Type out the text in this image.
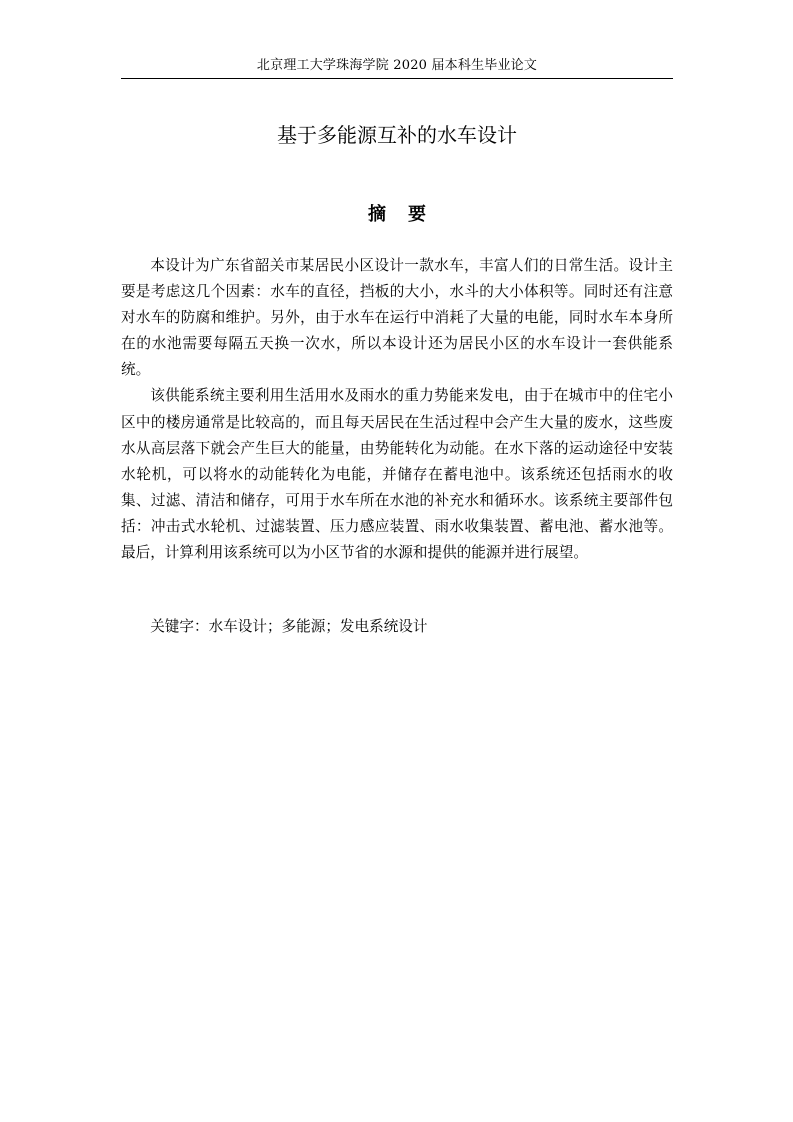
北京理工大学珠海学院 2020 届本科生毕业论文
基于多能源互补的水车设计
摘 要

本设计为广东省韶关市某居民小区设计一款水车，丰富人们的日常生活。设计主要是考虑这几个因素：水车的直径，挡板的大小，水斗的大小体积等。同时还有注意对水车的防腐和维护。另外，由于水车在运行中消耗了大量的电能，同时水车本身所在的水池需要每隔五天换一次水，所以本设计还为居民小区的水车设计一套供能系统。

该供能系统主要利用生活用水及雨水的重力势能来发电，由于在城市中的住宅小区中的楼房通常是比较高的，而且每天居民在生活过程中会产生大量的废水，这些废水从高层落下就会产生巨大的能量，由势能转化为动能。在水下落的运动途径中安装水轮机，可以将水的动能转化为电能，并储存在蓄电池中。该系统还包括雨水的收集、过滤、清洁和储存，可用于水车所在水池的补充水和循环水。该系统主要部件包括：冲击式水轮机、过滤装置、压力感应装置、雨水收集装置、蓄电池、蓄水池等。最后，计算利用该系统可以为小区节省的水源和提供的能源并进行展望。

关键字：水车设计；多能源；发电系统设计
